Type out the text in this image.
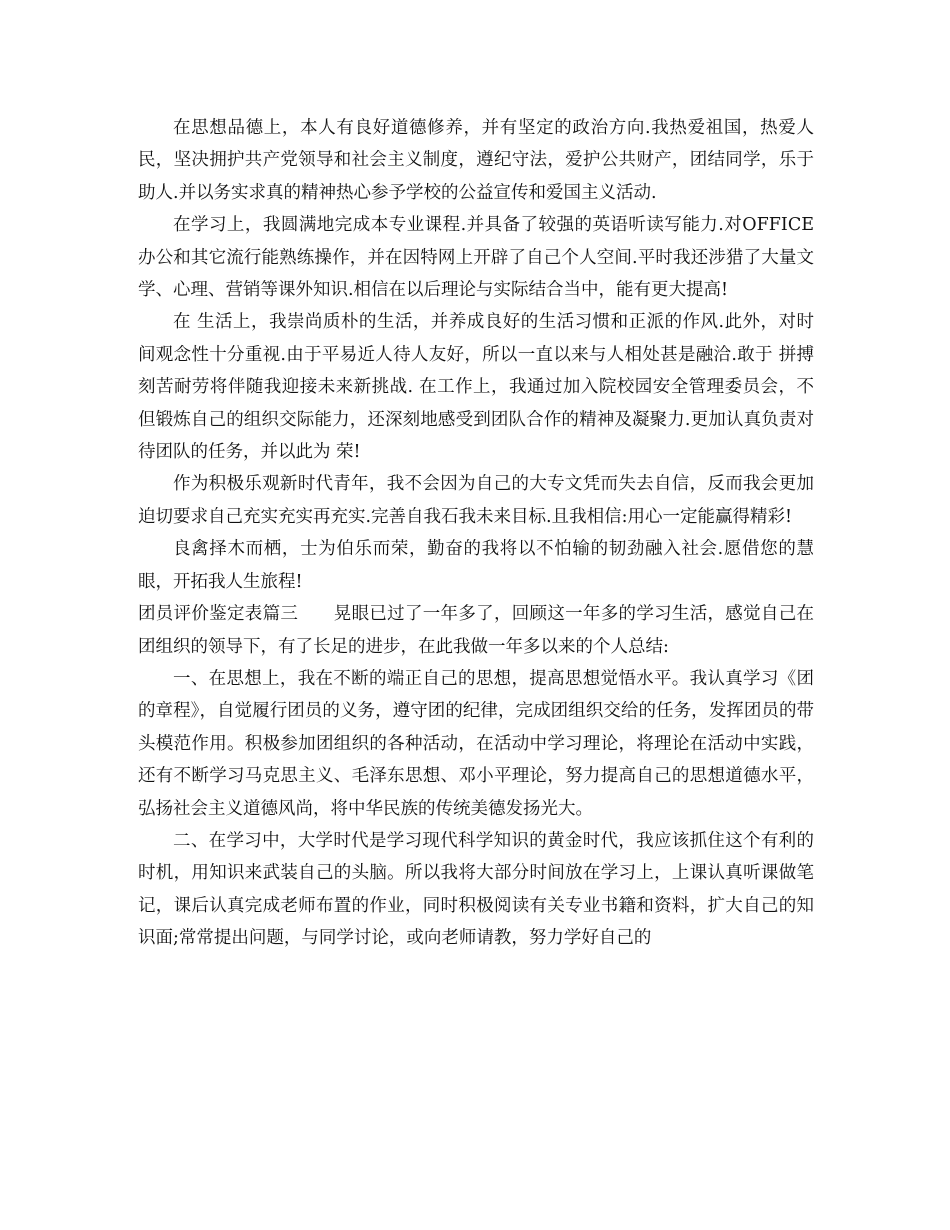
在思想品德上，本人有良好道德修养，并有坚定的政治方向.我热爱祖国，热爱人民，坚决拥护共产党领导和社会主义制度，遵纪守法，爱护公共财产，团结同学，乐于助人.并以务实求真的精神热心参予学校的公益宣传和爱国主义活动.

在学习上，我圆满地完成本专业课程.并具备了较强的英语听读写能力.对OFFICE办公和其它流行能熟练操作，并在因特网上开辟了自己个人空间.平时我还涉猎了大量文学、心理、营销等课外知识.相信在以后理论与实际结合当中，能有更大提高!

在 生活上，我崇尚质朴的生活，并养成良好的生活习惯和正派的作风.此外，对时间观念性十分重视.由于平易近人待人友好，所以一直以来与人相处甚是融洽.敢于 拼搏刻苦耐劳将伴随我迎接未来新挑战. 在工作上，我通过加入院校园安全管理委员会，不但锻炼自己的组织交际能力，还深刻地感受到团队合作的精神及凝聚力.更加认真负责对待团队的任务，并以此为 荣!

作为积极乐观新时代青年，我不会因为自己的大专文凭而失去自信，反而我会更加迫切要求自己充实充实再充实.完善自我石我未来目标.且我相信:用心一定能赢得精彩!

良禽择木而栖，士为伯乐而荣，勤奋的我将以不怕输的韧劲融入社会.愿借您的慧眼，开拓我人生旅程!

团员评价鉴定表篇三　　晃眼已过了一年多了，回顾这一年多的学习生活，感觉自己在团组织的领导下，有了长足的进步，在此我做一年多以来的个人总结:

一、在思想上，我在不断的端正自己的思想，提高思想觉悟水平。我认真学习《团的章程》，自觉履行团员的义务，遵守团的纪律，完成团组织交给的任务，发挥团员的带头模范作用。积极参加团组织的各种活动，在活动中学习理论，将理论在活动中实践，还有不断学习马克思主义、毛泽东思想、邓小平理论，努力提高自己的思想道德水平，弘扬社会主义道德风尚，将中华民族的传统美德发扬光大。

二、在学习中，大学时代是学习现代科学知识的黄金时代，我应该抓住这个有利的时机，用知识来武装自己的头脑。所以我将大部分时间放在学习上，上课认真听课做笔记，课后认真完成老师布置的作业，同时积极阅读有关专业书籍和资料，扩大自己的知识面;常常提出问题，与同学讨论，或向老师请教，努力学好自己的
